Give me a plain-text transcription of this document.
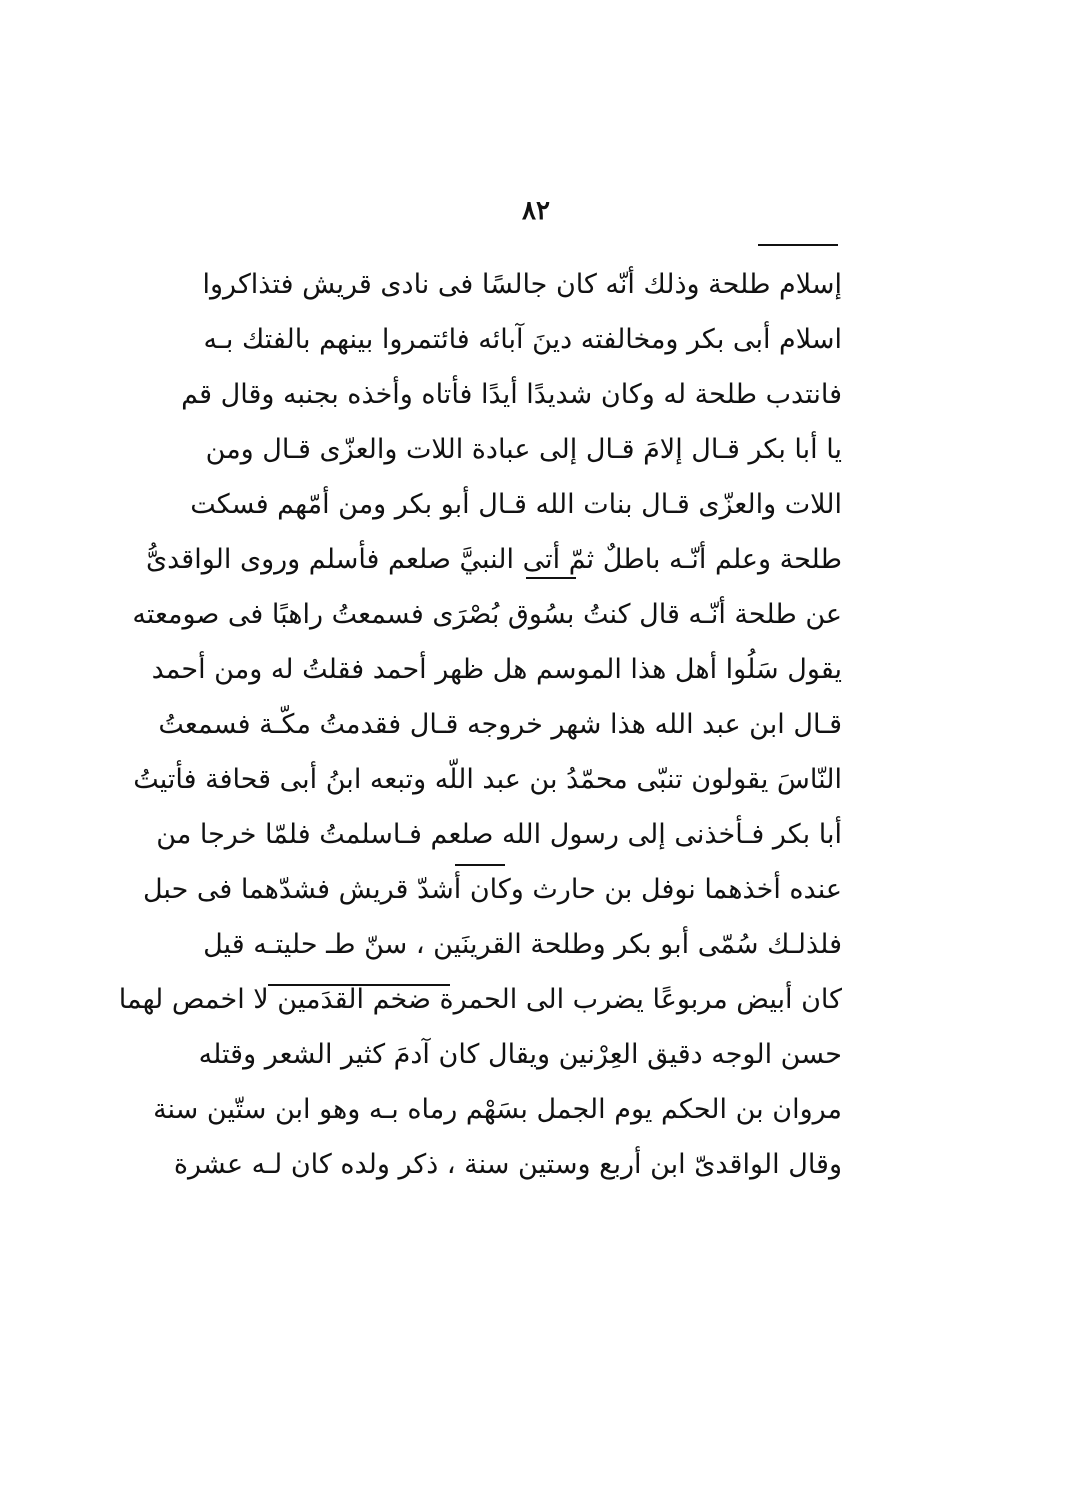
٨٢
إسلام طلحة وذلك أنّه كان جالسًا فى نادى قريش فتذاكروا
اسلام أبى بكر ومخالفته دينَ آبائه فائتمروا بينهم بالفتك بـه
فانتدب طلحة له وكان شديدًا أيدًا فأتاه وأخذه بجنبه وقال قم
يا أبا بكر قـال إلامَ قـال إلى عبادة اللات والعزّى قـال ومن
اللات والعزّى قـال بنات الله قـال أبو بكر ومن أمّهم فسكت
طلحة وعلم أنّـه باطلٌ ثمّ أتى النبيَّ صلعم فأسلم وروى الواقدىُّ
عن طلحة أنّـه قال كنتُ بسُوق بُصْرَى فسمعتُ راهبًا فى صومعته
يقول سَلُوا أهل هذا الموسم هل ظهر أحمد فقلتُ له ومن أحمد
قـال ابن عبد الله هذا شهر خروجه قـال فقدمتُ مكّـة فسمعتُ
النّاسَ يقولون تنبّى محمّدُ بن عبد اللّه وتبعه ابنُ أبى قحافة فأتيتُ
أبا بكر فـأخذنى إلى رسول الله صلعم فـاسلمتُ فلمّا خرجا من
عنده أخذهما نوفل بن حارث وكان أشدّ قريش فشدّهما فى حبل
فلذلـك سُمّى أبو بكر وطلحة القرينَين ، سنّ طـ حليتـه قيل
كان أبيض مربوعًا يضرب الى الحمرة ضخم القدَمين لا اخمص لهما
حسن الوجه دقيق العِرْنين ويقال كان آدمَ كثير الشعر وقتله
مروان بن الحكم يوم الجمل بسَهْم رماه بـه وهو ابن ستّين سنة
وقال الواقدىّ ابن أربع وستين سنة ، ذكر ولده كان لـه عشرة
